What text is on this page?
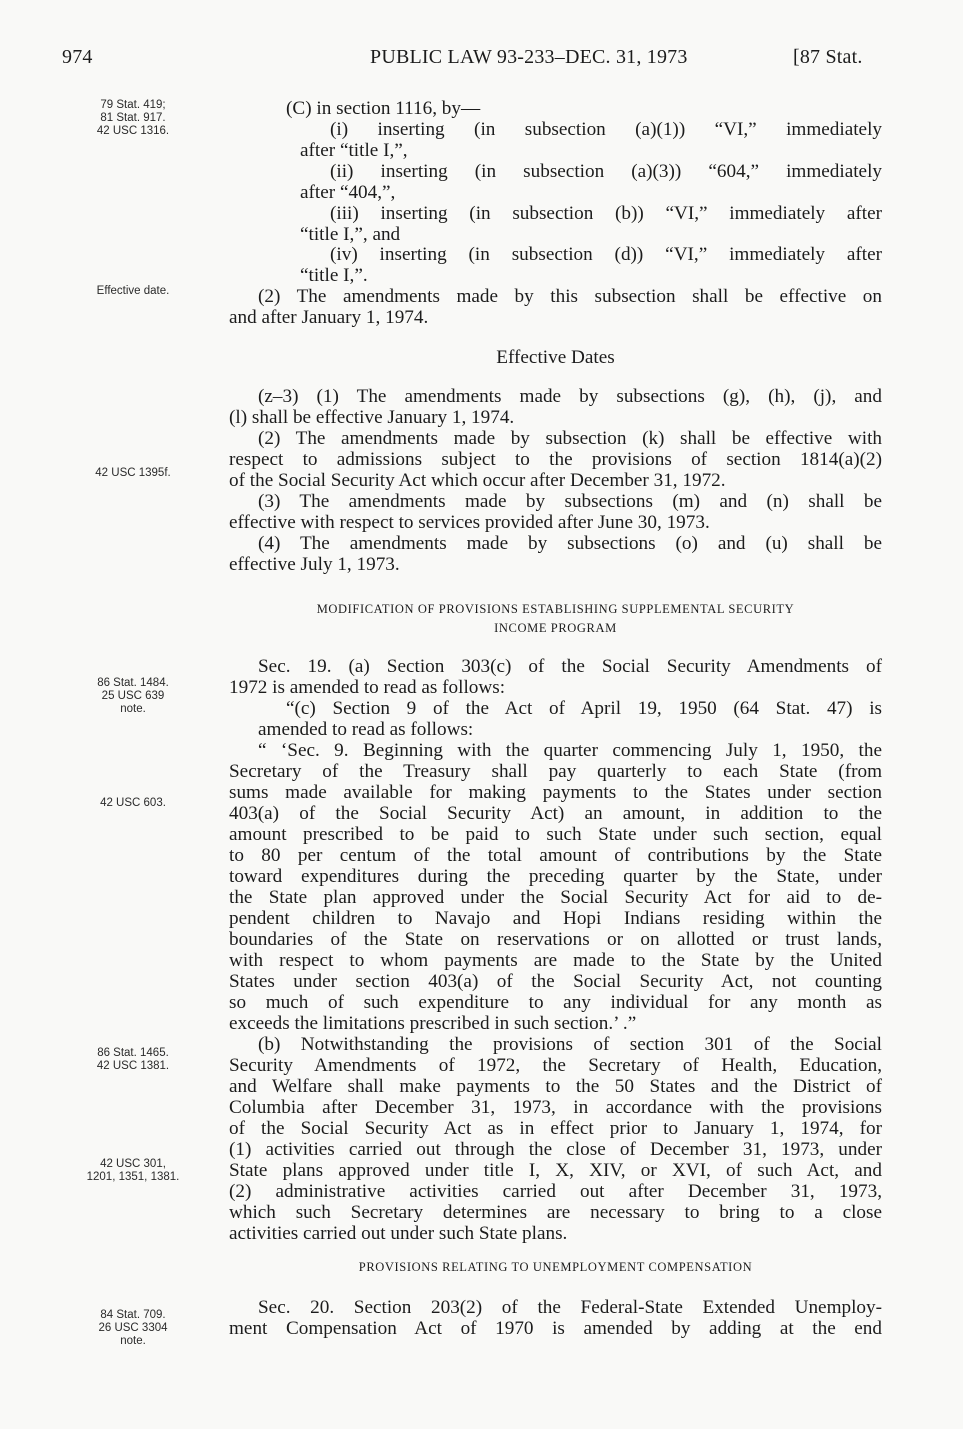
974	PUBLIC LAW 93-233–DEC. 31, 1973	[87 Stat.
79 Stat. 419;
81 Stat. 917.
42 USC 1316.
Effective date.
42 USC 1395f.
86 Stat. 1484.
25 USC 639
note.
42 USC 603.
86 Stat. 1465.
42 USC 1381.
42 USC 301,
1201, 1351, 1381.
84 Stat. 709.
26 USC 3304
note.
(C) in section 1116, by—
(i) inserting (in subsection (a)(1)) “VI,” immediately
after “title I,”,
(ii) inserting (in subsection (a)(3)) “604,” immediately
after “404,”,
(iii) inserting (in subsection (b)) “VI,” immediately after
“title I,”, and
(iv) inserting (in subsection (d)) “VI,” immediately after
“title I,”.
(2) The amendments made by this subsection shall be effective on
and after January 1, 1974.
Effective Dates
(z–3) (1) The amendments made by subsections (g), (h), (j), and
(l) shall be effective January 1, 1974.
(2) The amendments made by subsection (k) shall be effective with
respect to admissions subject to the provisions of section 1814(a)(2)
of the Social Security Act which occur after December 31, 1972.
(3) The amendments made by subsections (m) and (n) shall be
effective with respect to services provided after June 30, 1973.
(4) The amendments made by subsections (o) and (u) shall be
effective July 1, 1973.
MODIFICATION OF PROVISIONS ESTABLISHING SUPPLEMENTAL SECURITY
INCOME PROGRAM
Sec. 19. (a) Section 303(c) of the Social Security Amendments of
1972 is amended to read as follows:
“(c) Section 9 of the Act of April 19, 1950 (64 Stat. 47) is
amended to read as follows:
“ ‘Sec. 9. Beginning with the quarter commencing July 1, 1950, the
Secretary of the Treasury shall pay quarterly to each State (from
sums made available for making payments to the States under section
403(a) of the Social Security Act) an amount, in addition to the
amount prescribed to be paid to such State under such section, equal
to 80 per centum of the total amount of contributions by the State
toward expenditures during the preceding quarter by the State, under
the State plan approved under the Social Security Act for aid to de-
pendent children to Navajo and Hopi Indians residing within the
boundaries of the State on reservations or on allotted or trust lands,
with respect to whom payments are made to the State by the United
States under section 403(a) of the Social Security Act, not counting
so much of such expenditure to any individual for any month as
exceeds the limitations prescribed in such section.’ .”
(b) Notwithstanding the provisions of section 301 of the Social
Security Amendments of 1972, the Secretary of Health, Education,
and Welfare shall make payments to the 50 States and the District of
Columbia after December 31, 1973, in accordance with the provisions
of the Social Security Act as in effect prior to January 1, 1974, for
(1) activities carried out through the close of December 31, 1973, under
State plans approved under title I, X, XIV, or XVI, of such Act, and
(2) administrative activities carried out after December 31, 1973,
which such Secretary determines are necessary to bring to a close
activities carried out under such State plans.
PROVISIONS RELATING TO UNEMPLOYMENT COMPENSATION
Sec. 20. Section 203(2) of the Federal-State Extended Unemploy-
ment Compensation Act of 1970 is amended by adding at the end
